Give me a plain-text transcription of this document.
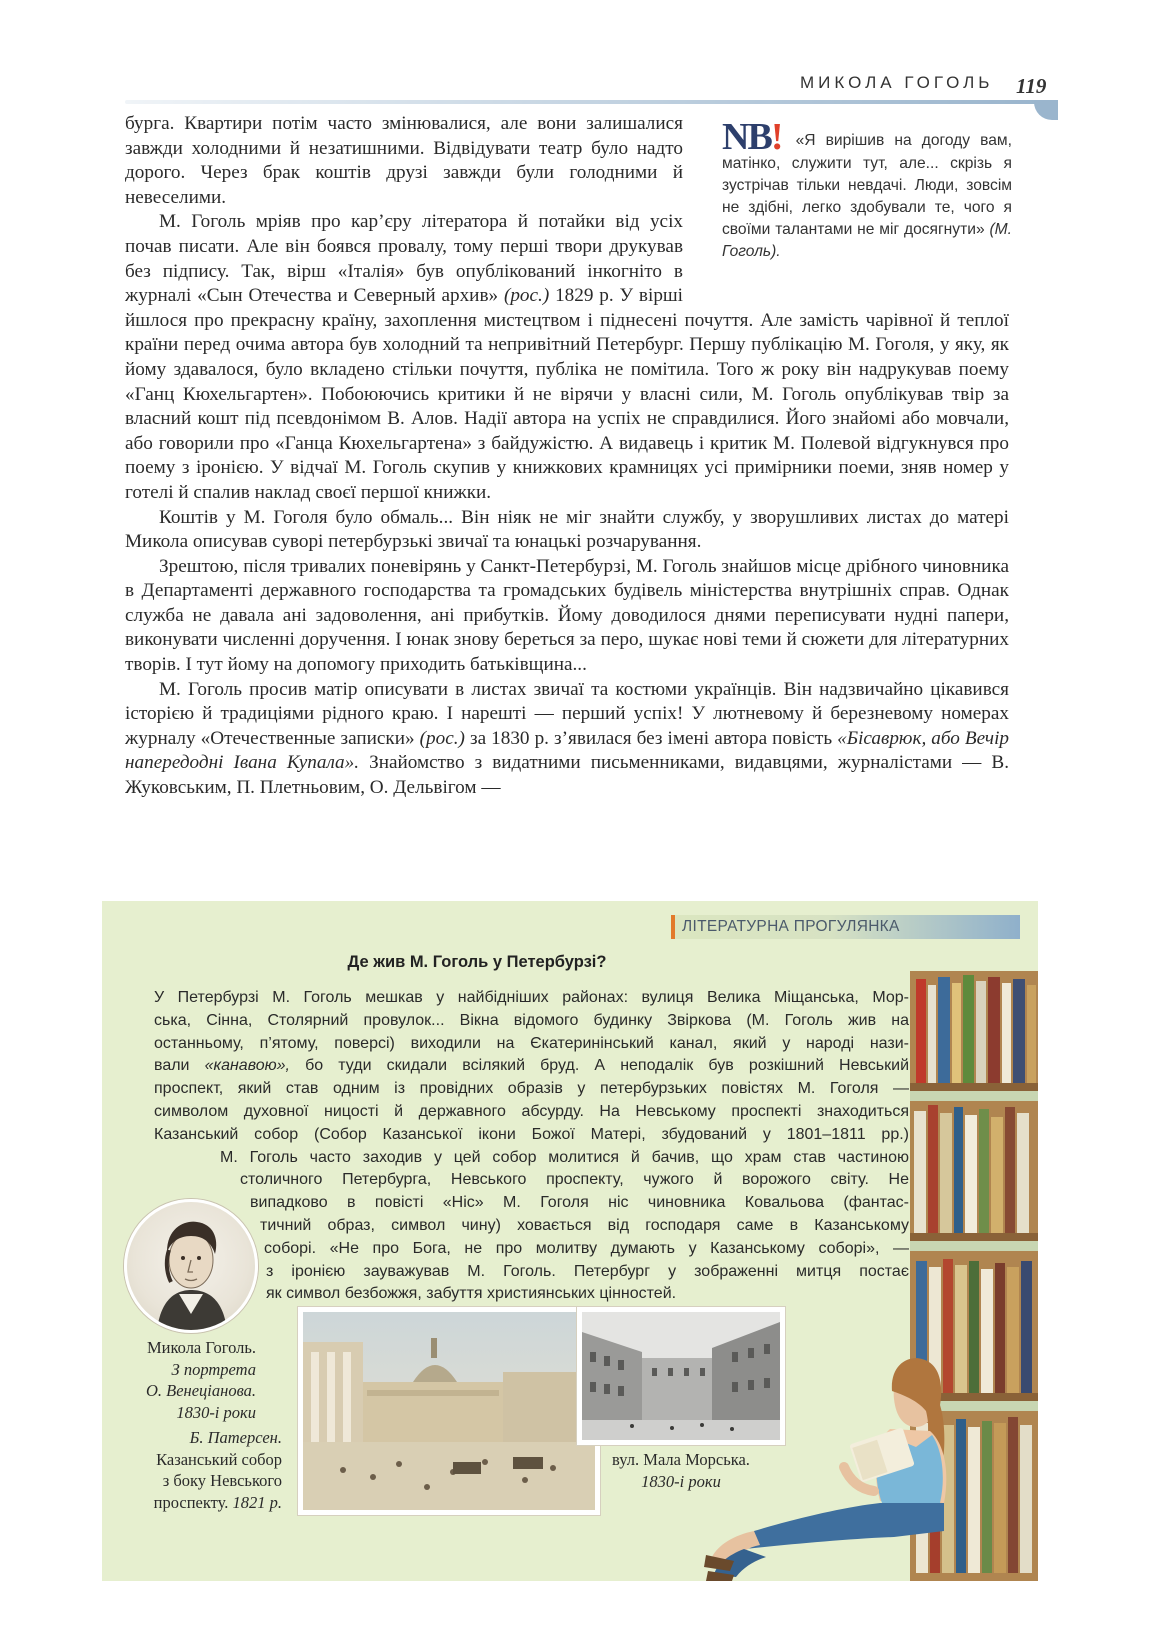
МИКОЛА ГОГОЛЬ 119
NB! «Я вирішив на догоду вам, матінко, служити тут, але... скрізь я зустрічав тільки невдачі. Люди, зовсім не здібні, легко здобували те, чого я своїми талантами не міг досягнути» (М. Гоголь).

бурга. Квартири потім часто змінювалися, але вони залишалися завжди холодними й незатишними. Відвідувати театр було надто дорого. Через брак коштів друзі завжди були голодними й невеселими.

М. Гоголь мріяв про кар’єру літератора й потайки від усіх почав писати. Але він боявся провалу, тому перші твори друкував без підпису. Так, вірш «Італія» був опублікований інкогніто в журналі «Сын Отечества и Северный архив» (рос.) 1829 р. У вірші йшлося про прекрасну країну, захоплення мистецтвом і піднесені почуття. Але замість чарівної й теплої країни перед очима автора був холодний та непривітний Петербург. Першу публікацію М. Гоголя, у яку, як йому здавалося, було вкладено стільки почуття, публіка не помітила. Того ж року він надрукував поему «Ганц Кюхельгартен». Побоюючись критики й не вірячи у власні сили, М. Гоголь опублікував твір за власний кошт під псевдонімом В. Алов. Надії автора на успіх не справдилися. Його знайомі або мовчали, або говорили про «Ганца Кюхельгартена» з байдужістю. А видавець і критик М. Полевой відгукнувся про поему з іронією. У відчаї М. Гоголь скупив у книжкових крамницях усі примірники поеми, зняв номер у готелі й спалив наклад своєї першої книжки.

Коштів у М. Гоголя було обмаль... Він ніяк не міг знайти службу, у зворушливих листах до матері Микола описував суворі петербурзькі звичаї та юнацькі розчарування.

Зрештою, після тривалих поневірянь у Санкт-Петербурзі, М. Гоголь знайшов місце дрібного чиновника в Департаменті державного господарства та громадських будівель міністерства внутрішніх справ. Однак служба не давала ані задоволення, ані прибутків. Йому доводилося днями переписувати нудні папери, виконувати численні доручення. І юнак знову береться за перо, шукає нові теми й сюжети для літературних творів. І тут йому на допомогу приходить батьківщина...

М. Гоголь просив матір описувати в листах звичаї та костюми українців. Він надзвичайно цікавився історією й традиціями рідного краю. І нарешті — перший успіх! У лютневому й березневому номерах журналу «Отечественные записки» (рос.) за 1830 р. з’явилася без імені автора повість «Бісаврюк, або Вечір напередодні Івана Купала». Знайомство з видатними письменниками, видавцями, журналістами — В. Жуковським, П. Плетньовим, О. Дельвігом —

ЛІТЕРАТУРНА ПРОГУЛЯНКА
Де жив М. Гоголь у Петербурзі?
У Петербурзі М. Гоголь мешкав у найбідніших районах: вулиця Велика Міщанська, Мор-
ська, Сінна, Столярний провулок... Вікна відомого будинку Звіркова (М. Гоголь жив на
останньому, п’ятому, поверсі) виходили на Єкатеринінський канал, який у народі нази-
вали «канавою», бо туди скидали всілякий бруд. А неподалік був розкішний Невський
проспект, який став одним із провідних образів у петербурзьких повістях М. Гоголя —
символом духовної ницості й державного абсурду. На Невському проспекті знаходиться
Казанський собор (Собор Казанської ікони Божої Матері, збудований у 1801–1811 рр.)
М. Гоголь часто заходив у цей собор молитися й бачив, що храм став частиною
столичного Петербурга, Невського проспекту, чужого й ворожого світу. Не
випадково в повісті «Ніс» М. Гоголя ніс чиновника Ковальова (фантас-
тичний образ, символ чину) ховається від господаря саме в Казанському
соборі. «Не про Бога, не про молитву думають у Казанському соборі», —
з іронією зауважував М. Гоголь. Петербург у зображенні митця постає
як символ безбожжя, забуття християнських цінностей.
Микола Гоголь.
З портрета
О. Венеціанова.
1830-і роки
Б. Патерсен.
Казанський собор
з боку Невського
проспекту. 1821 р.
вул. Мала Морська.
1830-і роки
